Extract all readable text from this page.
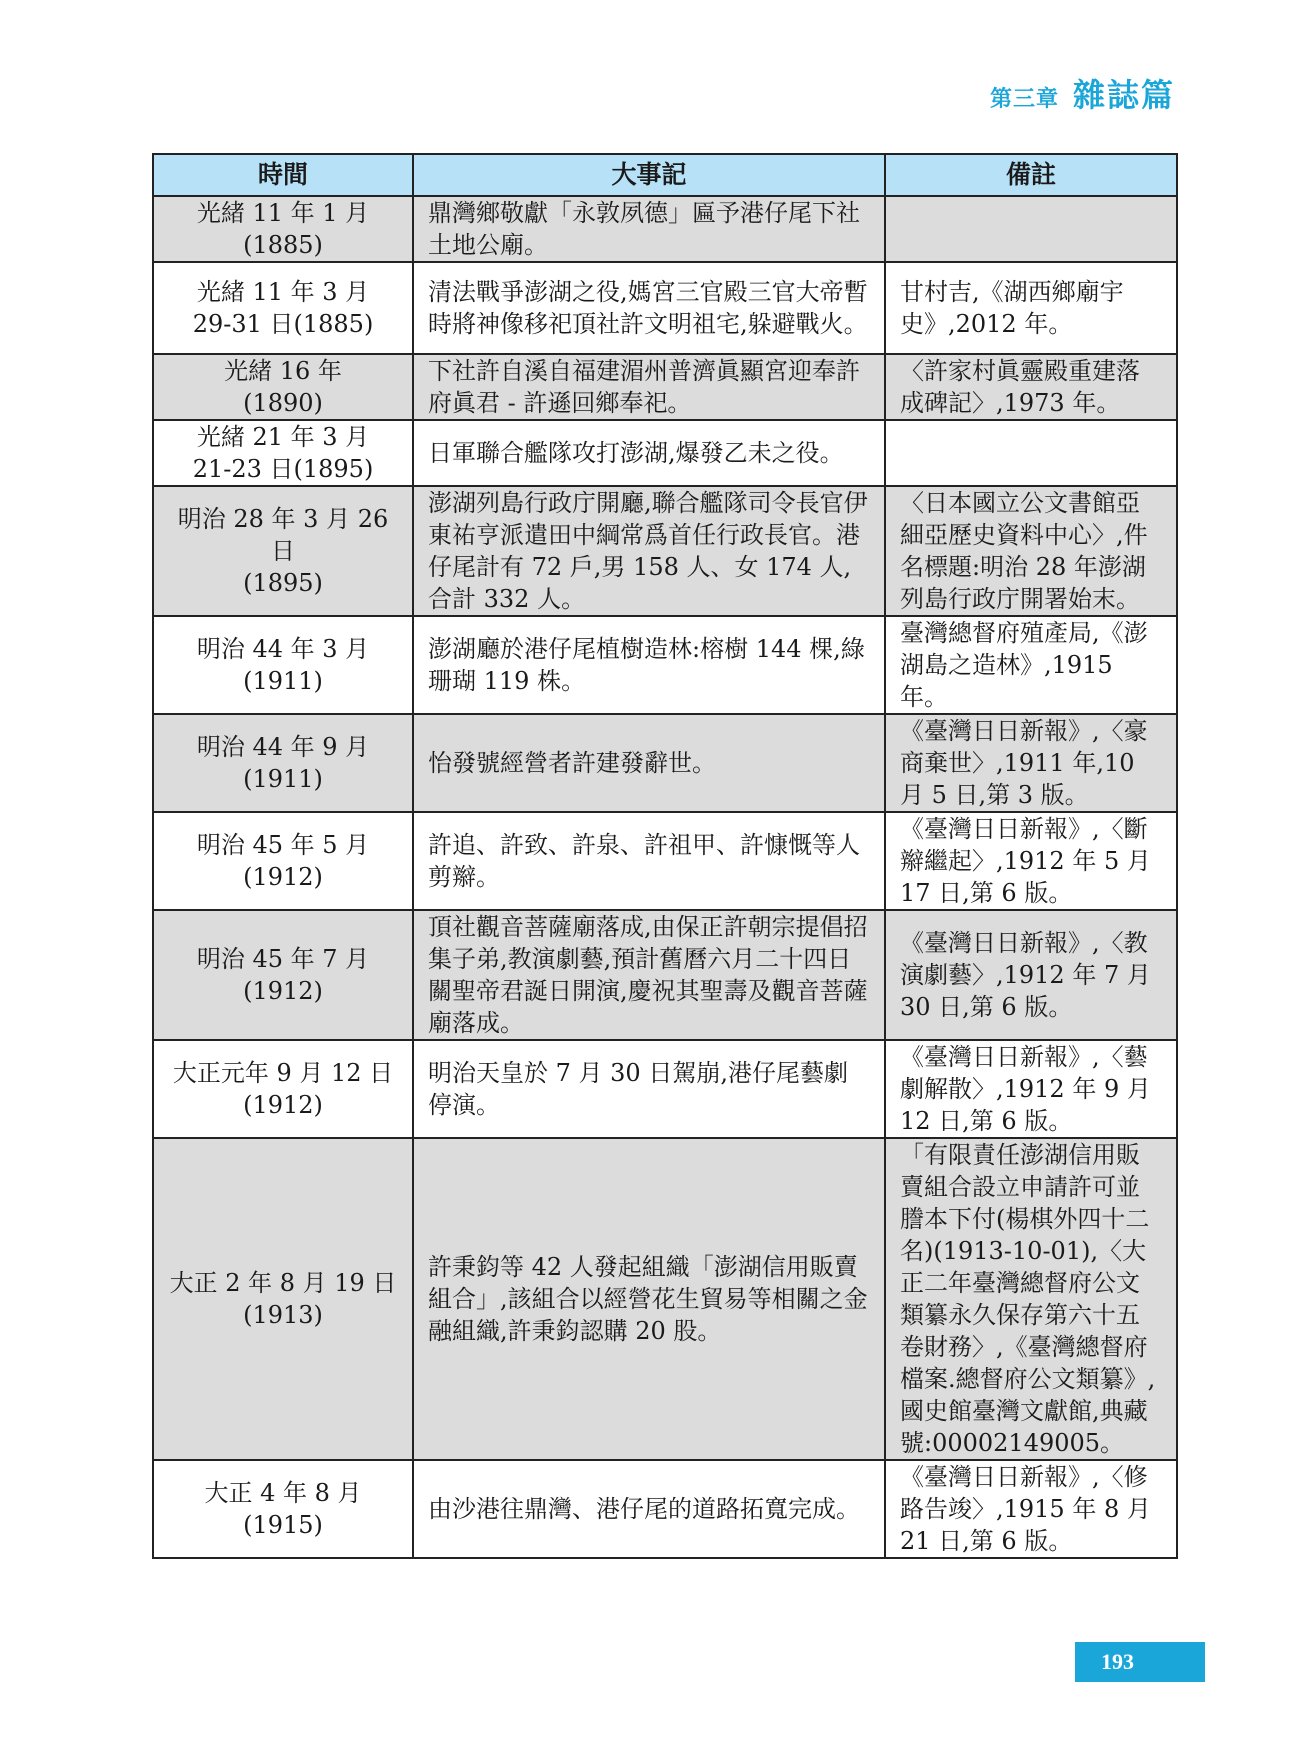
第三章 雜誌篇
時間	大事記	備註

光緒 11 年 1 月
(1885)	鼎灣鄉敬獻「永敦夙德」匾予港仔尾下社土地公廟。	

光緒 11 年 3 月
29-31 日(1885)	清法戰爭澎湖之役,媽宮三官殿三官大帝暫時將神像移祀頂社許文明祖宅,躲避戰火。	甘村吉,《湖西鄉廟宇史》,2012 年。

光緒 16 年
(1890)	下社許自溪自福建湄州普濟眞顯宮迎奉許府眞君 - 許遜回鄉奉祀。	〈許家村眞靈殿重建落成碑記〉,1973 年。

光緒 21 年 3 月
21-23 日(1895)	日軍聯合艦隊攻打澎湖,爆發乙未之役。	

明治 28 年 3 月 26 日
(1895)	澎湖列島行政庁開廳,聯合艦隊司令長官伊東祐亨派遣田中綱常爲首任行政長官。港仔尾計有 72 戶,男 158 人、女 174 人,合計 332 人。	〈日本國立公文書館亞細亞歷史資料中心〉,件名標題:明治 28 年澎湖列島行政庁開署始末。

明治 44 年 3 月
(1911)	澎湖廳於港仔尾植樹造林:榕樹 144 棵,綠珊瑚 119 株。	臺灣總督府殖產局,《澎湖島之造林》,1915 年。

明治 44 年 9 月
(1911)	怡發號經營者許建發辭世。	《臺灣日日新報》,〈豪商棄世〉,1911 年,10 月 5 日,第 3 版。

明治 45 年 5 月
(1912)	許追、許致、許泉、許祖甲、許慷慨等人剪辮。	《臺灣日日新報》,〈斷辮繼起〉,1912 年 5 月 17 日,第 6 版。

明治 45 年 7 月
(1912)	頂社觀音菩薩廟落成,由保正許朝宗提倡招集子弟,教演劇藝,預計舊曆六月二十四日關聖帝君誕日開演,慶祝其聖壽及觀音菩薩廟落成。	《臺灣日日新報》,〈教演劇藝〉,1912 年 7 月 30 日,第 6 版。

大正元年 9 月 12 日
(1912)	明治天皇於 7 月 30 日駕崩,港仔尾藝劇停演。	《臺灣日日新報》,〈藝劇解散〉,1912 年 9 月 12 日,第 6 版。

大正 2 年 8 月 19 日
(1913)	許秉鈞等 42 人發起組織「澎湖信用販賣組合」,該組合以經營花生貿易等相關之金融組織,許秉鈞認購 20 股。	「有限責任澎湖信用販賣組合設立申請許可並謄本下付(楊棋外四十二名)(1913-10-01),〈大正二年臺灣總督府公文類纂永久保存第六十五卷財務〉,《臺灣總督府檔案.總督府公文類纂》,國史館臺灣文獻館,典藏號:00002149005。

大正 4 年 8 月
(1915)	由沙港往鼎灣、港仔尾的道路拓寬完成。	《臺灣日日新報》,〈修路告竣〉,1915 年 8 月 21 日,第 6 版。
193
